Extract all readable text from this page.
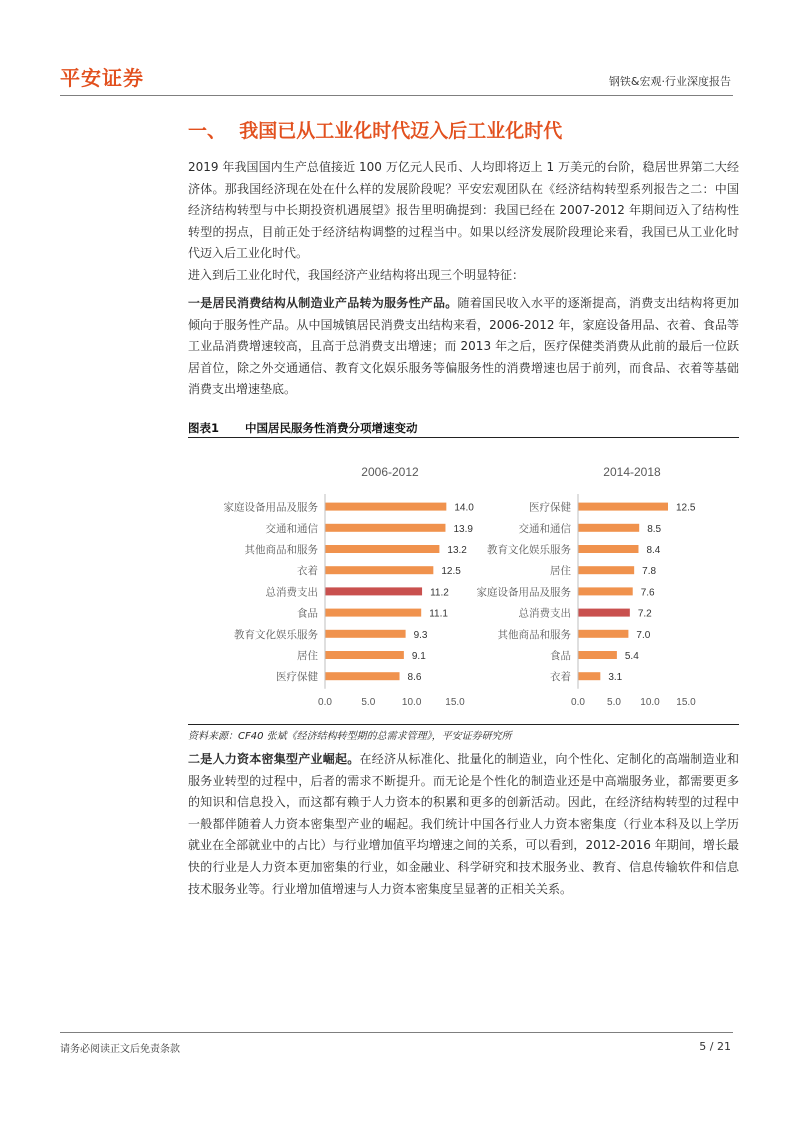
平安证券	钢铁&宏观·行业深度报告
一、  我国已从工业化时代迈入后工业化时代

2019 年我国国内生产总值接近 100 万亿元人民币、人均即将迈上 1 万美元的台阶，稳居世界第二大经济体。那我国经济现在处在什么样的发展阶段呢？平安宏观团队在《经济结构转型系列报告之二：中国经济结构转型与中长期投资机遇展望》报告里明确提到：我国已经在 2007-2012 年期间迈入了结构性转型的拐点，目前正处于经济结构调整的过程当中。如果以经济发展阶段理论来看，我国已从工业化时代迈入后工业化时代。

进入到后工业化时代，我国经济产业结构将出现三个明显特征：

一是居民消费结构从制造业产品转为服务性产品。随着国民收入水平的逐渐提高，消费支出结构将更加倾向于服务性产品。从中国城镇居民消费支出结构来看，2006-2012 年，家庭设备用品、衣着、食品等工业品消费增速较高，且高于总消费支出增速；而 2013 年之后，医疗保健类消费从此前的最后一位跃居首位，除之外交通通信、教育文化娱乐服务等偏服务性的消费增速也居于前列，而食品、衣着等基础消费支出增速垫底。

图表1 中国居民服务性消费分项增速变动
2006-2012
家庭设备用品及服务	14.0
交通和通信	13.9
其他商品和服务	13.2
衣着	12.5
总消费支出	11.2
食品	11.1
教育文化娱乐服务	9.3
居住	9.1
医疗保健	8.6
0.0	5.0	10.0 15.0
2014-2018
医疗保健	12.5
交通和通信	8.5
教育文化娱乐服务	8.4
居住	7.8
家庭设备用品及服务	7.6
总消费支出	7.2
其他商品和服务	7.0
食品	5.4
衣着	3.1
0.0 5.0 10.0 15.0
资料来源：CF40 张斌《经济结构转型期的总需求管理》，平安证券研究所

二是人力资本密集型产业崛起。在经济从标准化、批量化的制造业，向个性化、定制化的高端制造业和服务业转型的过程中，后者的需求不断提升。而无论是个性化的制造业还是中高端服务业，都需要更多的知识和信息投入，而这都有赖于人力资本的积累和更多的创新活动。因此，在经济结构转型的过程中一般都伴随着人力资本密集型产业的崛起。我们统计中国各行业人力资本密集度（行业本科及以上学历就业在全部就业中的占比）与行业增加值平均增速之间的关系，可以看到，2012-2016 年期间，增长最快的行业是人力资本更加密集的行业，如金融业、科学研究和技术服务业、教育、信息传输软件和信息技术服务业等。行业增加值增速与人力资本密集度呈显著的正相关关系。

请务必阅读正文后免责条款	5 / 21
